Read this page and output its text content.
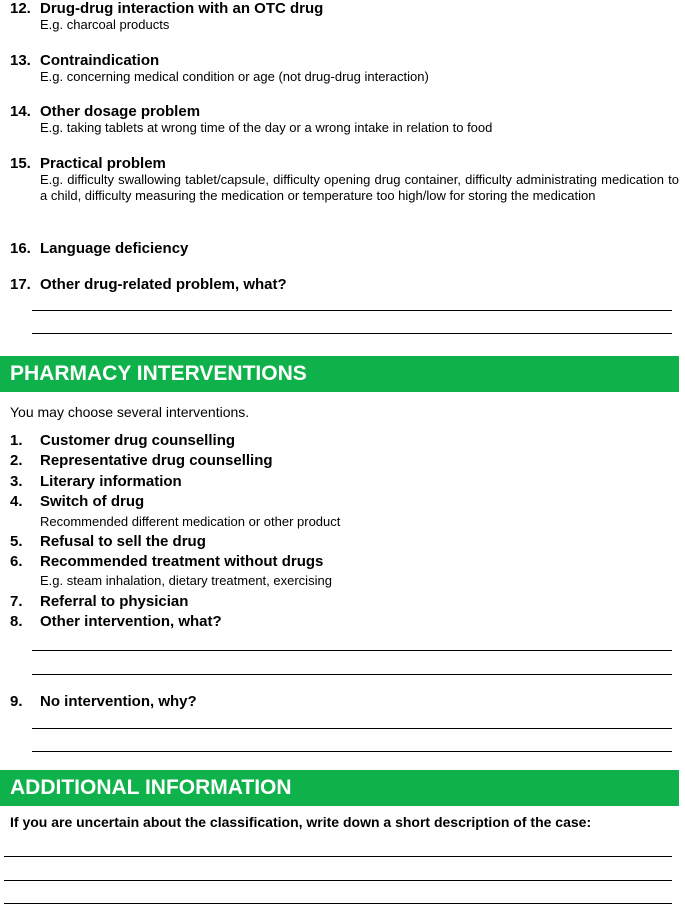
12. Drug-drug interaction with an OTC drug
E.g. charcoal products
13. Contraindication
E.g. concerning medical condition or age (not drug-drug interaction)
14. Other dosage problem
E.g. taking tablets at wrong time of the day or a wrong intake in relation to food
15. Practical problem
E.g. difficulty swallowing tablet/capsule, difficulty opening drug container, difficulty administrating medication to a child, difficulty measuring the medication or temperature too high/low for storing the medication
16. Language deficiency
17. Other drug-related problem, what?
PHARMACY INTERVENTIONS
You may choose several interventions.
1. Customer drug counselling
2. Representative drug counselling
3. Literary information
4. Switch of drug
Recommended different medication or other product
5. Refusal to sell the drug
6. Recommended treatment without drugs
E.g. steam inhalation, dietary treatment, exercising
7. Referral to physician
8. Other intervention, what?
9. No intervention, why?
ADDITIONAL INFORMATION
If you are uncertain about the classification, write down a short description of the case:
